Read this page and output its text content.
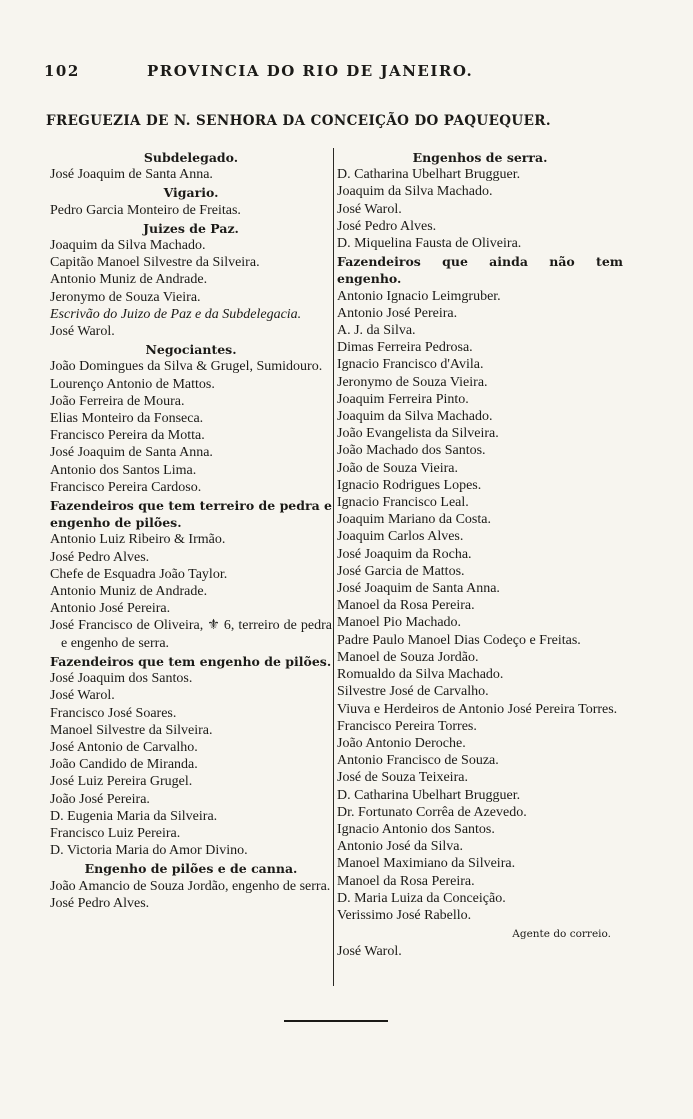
102	PROVINCIA DO RIO DE JANEIRO.
FREGUEZIA DE N. SENHORA DA CONCEIÇÃO DO PAQUEQUER.

Subdelegado.

José Joaquim de Santa Anna.

Vigario.

Pedro Garcia Monteiro de Freitas.

Juizes de Paz.

Joaquim da Silva Machado.

Capitão Manoel Silvestre da Silveira.

Antonio Muniz de Andrade.

Jeronymo de Souza Vieira.

Escrivão do Juizo de Paz e da Subdelegacia.

José Warol.

Negociantes.

João Domingues da Silva & Grugel, Sumidouro.

Lourenço Antonio de Mattos.

João Ferreira de Moura.

Elias Monteiro da Fonseca.

Francisco Pereira da Motta.

José Joaquim de Santa Anna.

Antonio dos Santos Lima.

Francisco Pereira Cardoso.

Fazendeiros que tem terreiro de pedra e engenho de pilões.

Antonio Luiz Ribeiro & Irmão.

José Pedro Alves.

Chefe de Esquadra João Taylor.

Antonio Muniz de Andrade.

Antonio José Pereira.

José Francisco de Oliveira, ⚜ 6, terreiro de pedra e engenho de serra.

Fazendeiros que tem engenho de pilões.

José Joaquim dos Santos.

José Warol.

Francisco José Soares.

Manoel Silvestre da Silveira.

José Antonio de Carvalho.

João Candido de Miranda.

José Luiz Pereira Grugel.

João José Pereira.

D. Eugenia Maria da Silveira.

Francisco Luiz Pereira.

D. Victoria Maria do Amor Divino.

Engenho de pilões e de canna.

João Amancio de Souza Jordão, engenho de serra.

José Pedro Alves.

Engenhos de serra.

D. Catharina Ubelhart Brugguer.

Joaquim da Silva Machado.

José Warol.

José Pedro Alves.

D. Miquelina Fausta de Oliveira.

Fazendeiros que ainda não tem engenho.

Antonio Ignacio Leimgruber.

Antonio José Pereira.

A. J. da Silva.

Dimas Ferreira Pedrosa.

Ignacio Francisco d'Avila.

Jeronymo de Souza Vieira.

Joaquim Ferreira Pinto.

Joaquim da Silva Machado.

João Evangelista da Silveira.

João Machado dos Santos.

João de Souza Vieira.

Ignacio Rodrigues Lopes.

Ignacio Francisco Leal.

Joaquim Mariano da Costa.

Joaquim Carlos Alves.

José Joaquim da Rocha.

José Garcia de Mattos.

José Joaquim de Santa Anna.

Manoel da Rosa Pereira.

Manoel Pio Machado.

Padre Paulo Manoel Dias Codeço e Freitas.

Manoel de Souza Jordão.

Romualdo da Silva Machado.

Silvestre José de Carvalho.

Viuva e Herdeiros de Antonio José Pereira Torres.

Francisco Pereira Torres.

João Antonio Deroche.

Antonio Francisco de Souza.

José de Souza Teixeira.

D. Catharina Ubelhart Brugguer.

Dr. Fortunato Corrêa de Azevedo.

Ignacio Antonio dos Santos.

Antonio José da Silva.

Manoel Maximiano da Silveira.

Manoel da Rosa Pereira.

D. Maria Luiza da Conceição.

Verissimo José Rabello.

Agente do correio.

José Warol.
